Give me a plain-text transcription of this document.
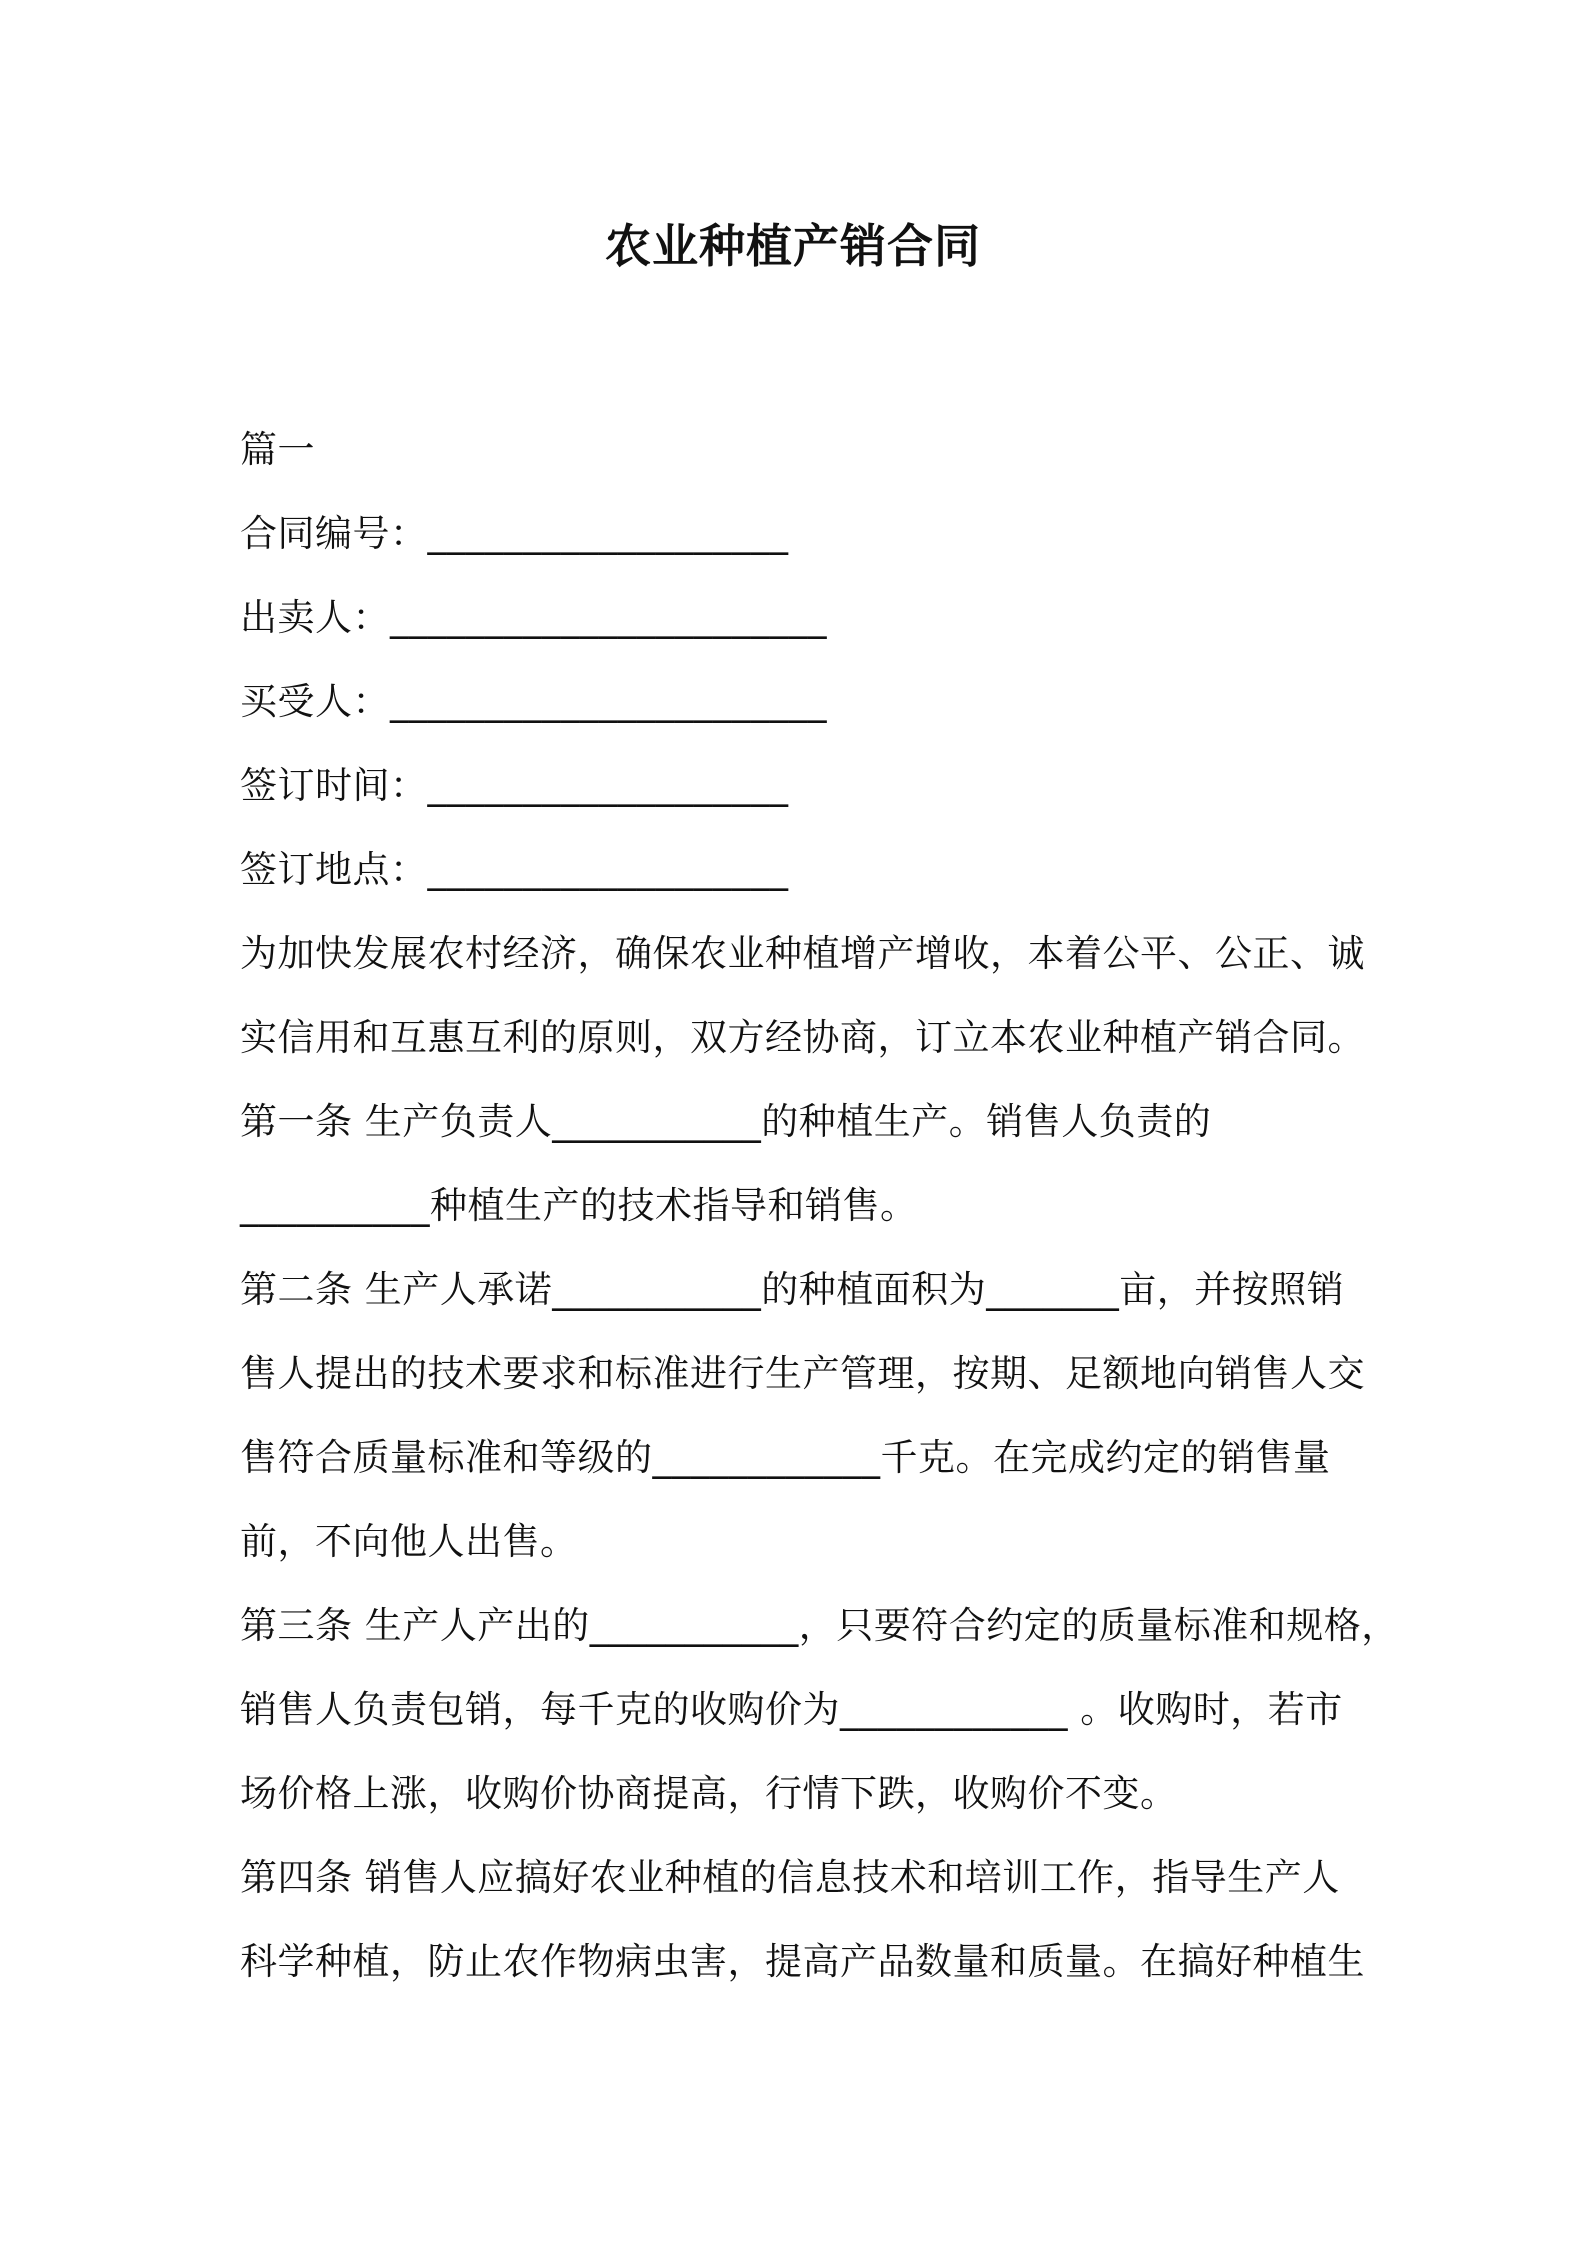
农业种植产销合同
篇一
合同编号：___________________
出卖人：_______________________
买受人：_______________________
签订时间：___________________
签订地点：___________________
为加快发展农村经济，确保农业种植增产增收，本着公平、公正、诚
实信用和互惠互利的原则，双方经协商，订立本农业种植产销合同。
第一条 生产负责人___________的种植生产。销售人负责的
__________种植生产的技术指导和销售。
第二条 生产人承诺___________的种植面积为_______亩，并按照销
售人提出的技术要求和标准进行生产管理，按期、足额地向销售人交
售符合质量标准和等级的____________千克。在完成约定的销售量
前，不向他人出售。
第三条 生产人产出的___________，只要符合约定的质量标准和规格，
销售人负责包销，每千克的收购价为____________ 。收购时，若市
场价格上涨，收购价协商提高，行情下跌，收购价不变。
第四条 销售人应搞好农业种植的信息技术和培训工作，指导生产人
科学种植，防止农作物病虫害，提高产品数量和质量。在搞好种植生
